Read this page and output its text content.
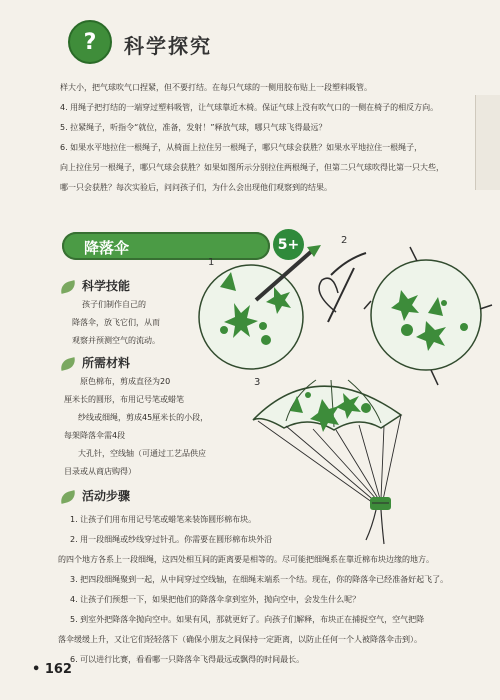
?	科学探究
样大小，把气球吹气口捏紧，但不要打结。在每只气球的一侧用胶布贴上一段塑料吸管。
4. 用绳子把打结的一端穿过塑料吸管，让气球靠近木椅。保证气球上没有吹气口的一侧在椅子的相反方向。
5. 拉紧绳子，听指令“就位，准备，发射！”释放气球，哪只气球飞得最远？
6. 如果水平地拉住一根绳子，从椅面上拉住另一根绳子，哪只气球会获胜？如果水平地拉住一根绳子，
向上拉住另一根绳子，哪只气球会获胜？如果如图所示分别拉住两根绳子，但第二只气球吹得比第一只大些，
哪一只会获胜？每次实验后，问问孩子们，为什么会出现他们观察到的结果。
降落伞	5+
科学技能
孩子们制作自己的
降落伞，放飞它们，从而
观察并预测空气的流动。
所需材料
原色棉布，剪成直径为20
厘米长的圆形，布用记号笔或蜡笔
纱线或细绳，剪成45厘米长的小段，
每架降落伞需4段
大孔针，空线轴（可通过工艺品供应
目录或从商店购得）
活动步骤
1. 让孩子们用布用记号笔或蜡笔来装饰圆形棉布块。
2. 用一段细绳或纱线穿过针孔。你需要在圆形棉布块外沿
的四个地方各系上一段细绳，这四处相互间的距离要是相等的。尽可能把细绳系在靠近棉布块边缘的地方。
3. 把四段细绳聚到一起，从中间穿过空线轴，在细绳末端系一个结。现在，你的降落伞已经准备好起飞了。
4. 让孩子们预想一下，如果把他们的降落伞拿到室外，抛向空中，会发生什么呢？
5. 到室外把降落伞抛向空中。如果有风，那就更好了。向孩子们解释，布块正在捕捉空气，空气把降
落伞缓缓上升，又让它们轻轻落下（确保小朋友之间保持一定距离，以防止任何一个人被降落伞击到）。
6. 可以进行比赛，看看哪一只降落伞飞得最远或飘得的时间最长。
1
2
3
• 162
